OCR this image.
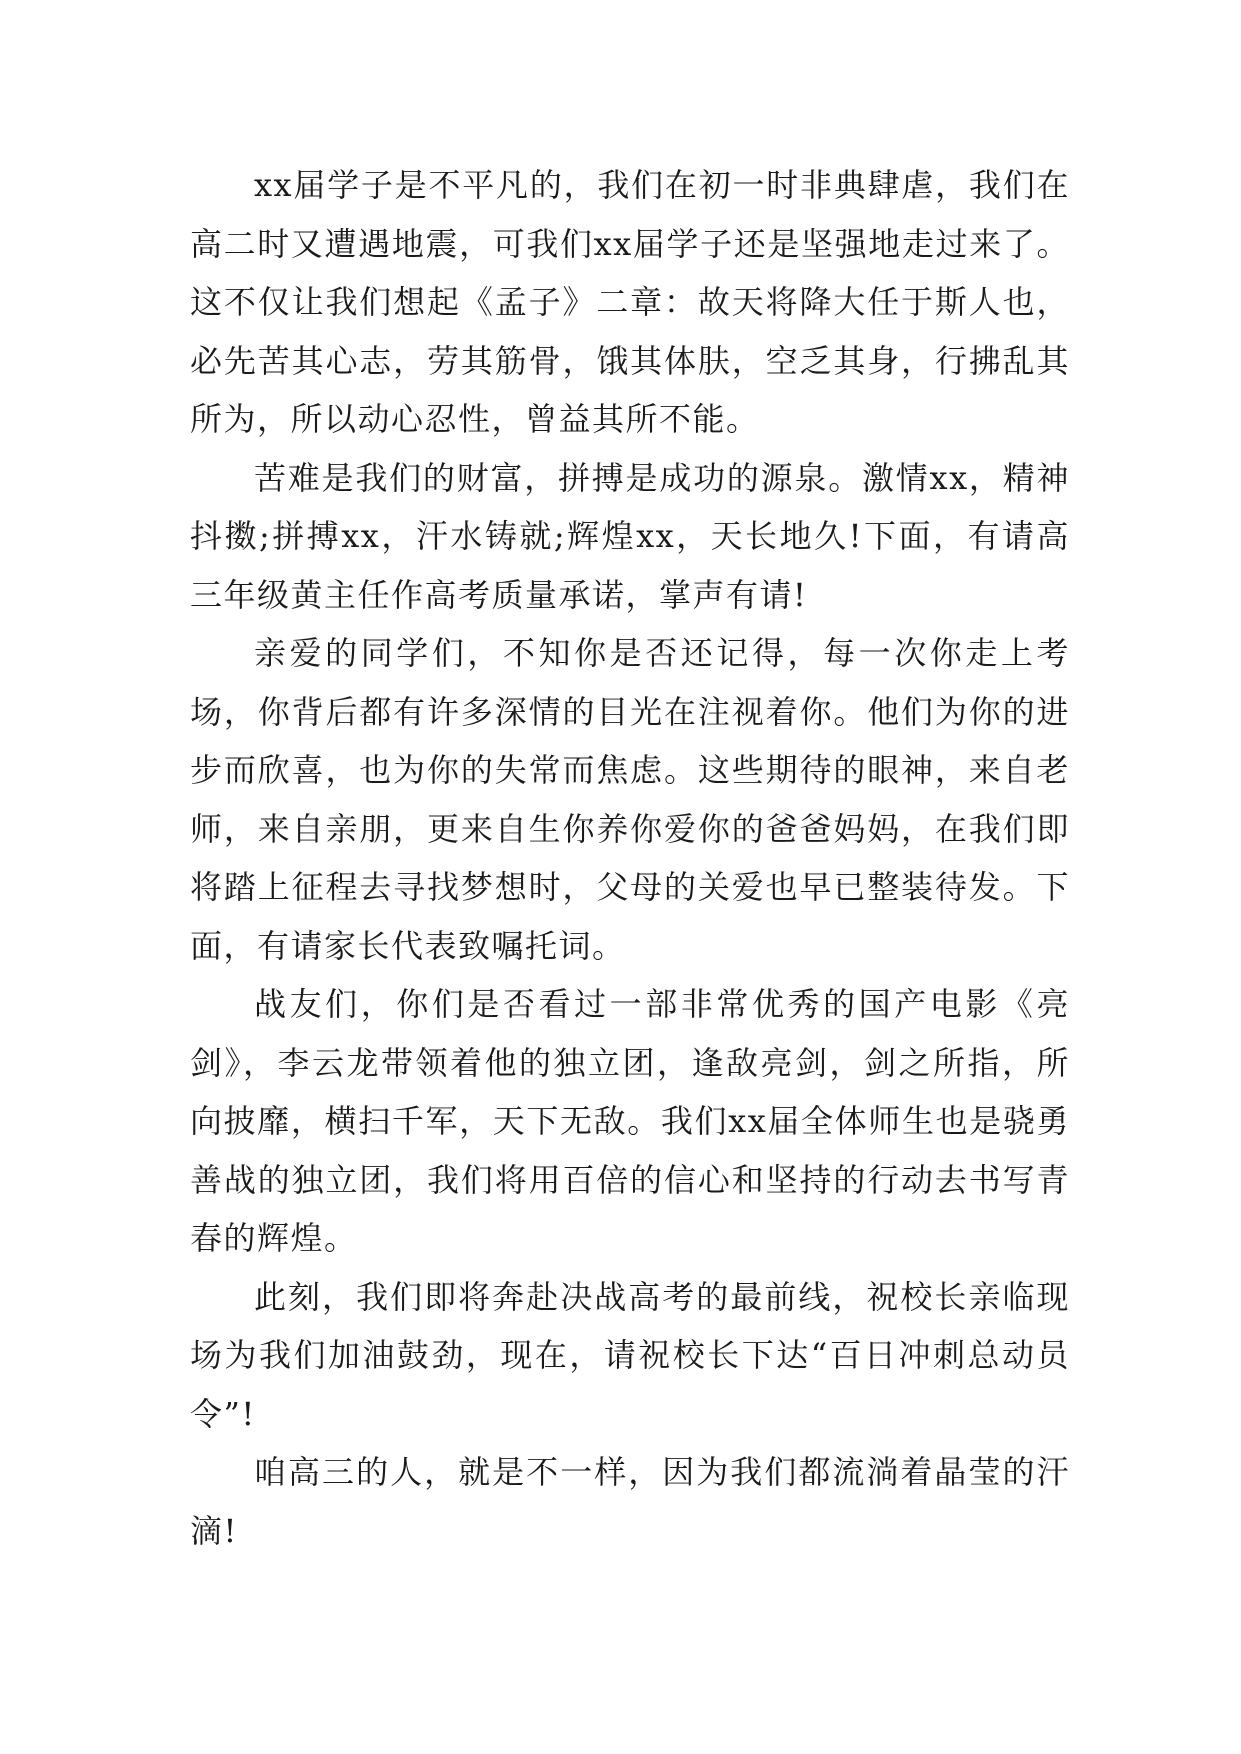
xx届学子是不平凡的，我们在初一时非典肆虐，我们在高二时又遭遇地震，可我们xx届学子还是坚强地走过来了。这不仅让我们想起《孟子》二章：故天将降大任于斯人也，必先苦其心志，劳其筋骨，饿其体肤，空乏其身，行拂乱其所为，所以动心忍性，曾益其所不能。

苦难是我们的财富，拼搏是成功的源泉。激情xx，精神抖擞;拼搏xx，汗水铸就;辉煌xx，天长地久!下面，有请高三年级黄主任作高考质量承诺，掌声有请!

亲爱的同学们，不知你是否还记得，每一次你走上考场，你背后都有许多深情的目光在注视着你。他们为你的进步而欣喜，也为你的失常而焦虑。这些期待的眼神，来自老师，来自亲朋，更来自生你养你爱你的爸爸妈妈，在我们即将踏上征程去寻找梦想时，父母的关爱也早已整装待发。下面，有请家长代表致嘱托词。

战友们，你们是否看过一部非常优秀的国产电影《亮剑》，李云龙带领着他的独立团，逢敌亮剑，剑之所指，所向披靡，横扫千军，天下无敌。我们xx届全体师生也是骁勇善战的独立团，我们将用百倍的信心和坚持的行动去书写青春的辉煌。

此刻，我们即将奔赴决战高考的最前线，祝校长亲临现场为我们加油鼓劲，现在，请祝校长下达“百日冲刺总动员令”!

咱高三的人，就是不一样，因为我们都流淌着晶莹的汗滴!
